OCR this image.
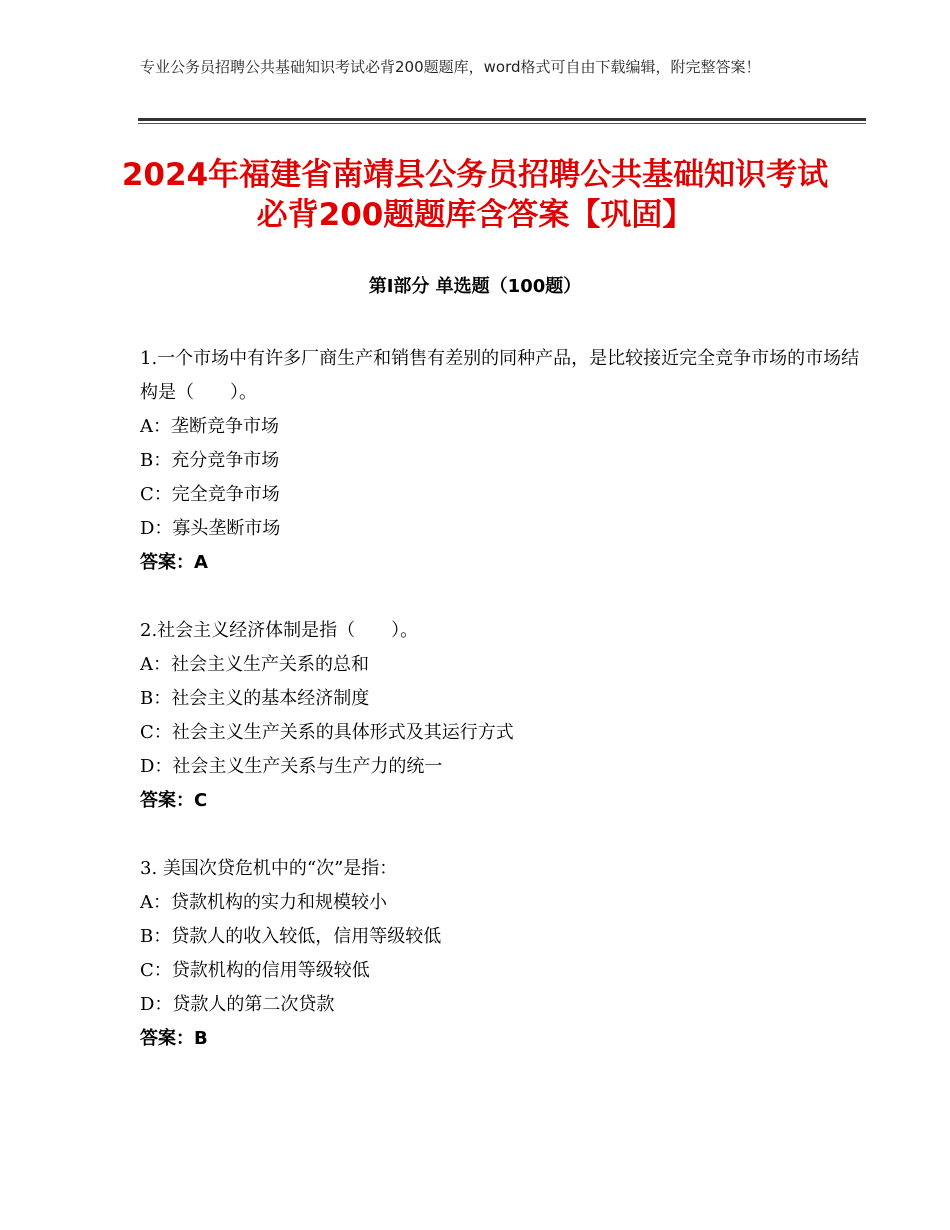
专业公务员招聘公共基础知识考试必背200题题库，word格式可自由下载编辑，附完整答案！
2024年福建省南靖县公务员招聘公共基础知识考试必背200题题库含答案【巩固】
第Ⅰ部分 单选题（100题）
1.一个市场中有许多厂商生产和销售有差别的同种产品，是比较接近完全竞争市场的市场结构是（　　）。
A：垄断竞争市场
B：充分竞争市场
C：完全竞争市场
D：寡头垄断市场
答案：A
2.社会主义经济体制是指（　　）。
A：社会主义生产关系的总和
B：社会主义的基本经济制度
C：社会主义生产关系的具体形式及其运行方式
D：社会主义生产关系与生产力的统一
答案：C
3. 美国次贷危机中的“次”是指：
A：贷款机构的实力和规模较小
B：贷款人的收入较低，信用等级较低
C：贷款机构的信用等级较低
D：贷款人的第二次贷款
答案：B
